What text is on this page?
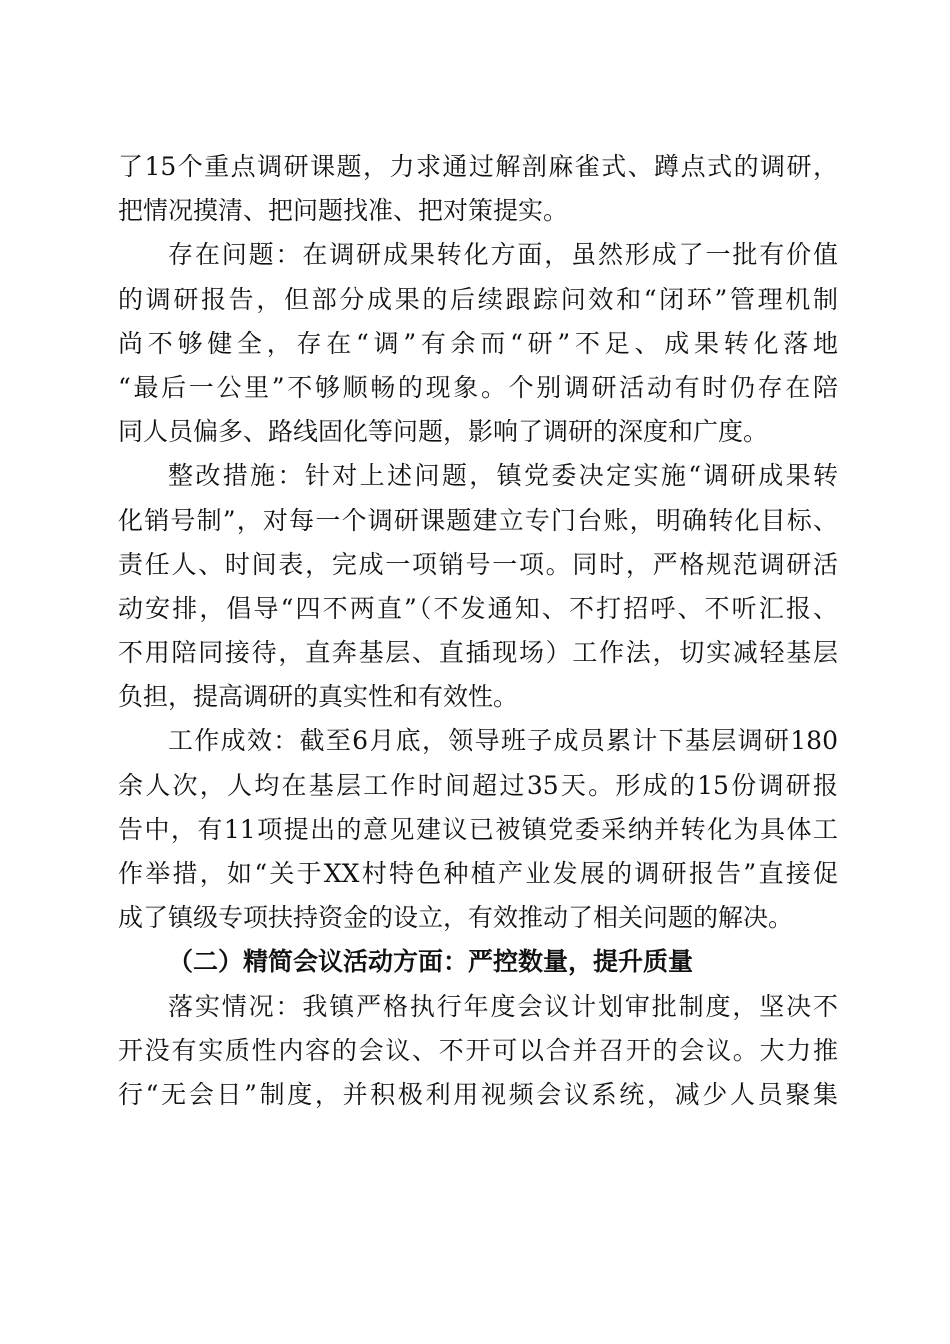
了15个重点调研课题，力求通过解剖麻雀式、蹲点式的调研，
把情况摸清、把问题找准、把对策提实。
存在问题：在调研成果转化方面，虽然形成了一批有价值
的调研报告，但部分成果的后续跟踪问效和“闭环”管理机制
尚不够健全，存在“调”有余而“研”不足、成果转化落地
“最后一公里”不够顺畅的现象。个别调研活动有时仍存在陪
同人员偏多、路线固化等问题，影响了调研的深度和广度。
整改措施：针对上述问题，镇党委决定实施“调研成果转
化销号制”，对每一个调研课题建立专门台账，明确转化目标、
责任人、时间表，完成一项销号一项。同时，严格规范调研活
动安排，倡导“四不两直”（不发通知、不打招呼、不听汇报、
不用陪同接待，直奔基层、直插现场）工作法，切实减轻基层
负担，提高调研的真实性和有效性。
工作成效：截至6月底，领导班子成员累计下基层调研180
余人次，人均在基层工作时间超过35天。形成的15份调研报
告中，有11项提出的意见建议已被镇党委采纳并转化为具体工
作举措，如“关于XX村特色种植产业发展的调研报告”直接促
成了镇级专项扶持资金的设立，有效推动了相关问题的解决。
（二）精简会议活动方面：严控数量，提升质量
落实情况：我镇严格执行年度会议计划审批制度，坚决不
开没有实质性内容的会议、不开可以合并召开的会议。大力推
行“无会日”制度，并积极利用视频会议系统，减少人员聚集
